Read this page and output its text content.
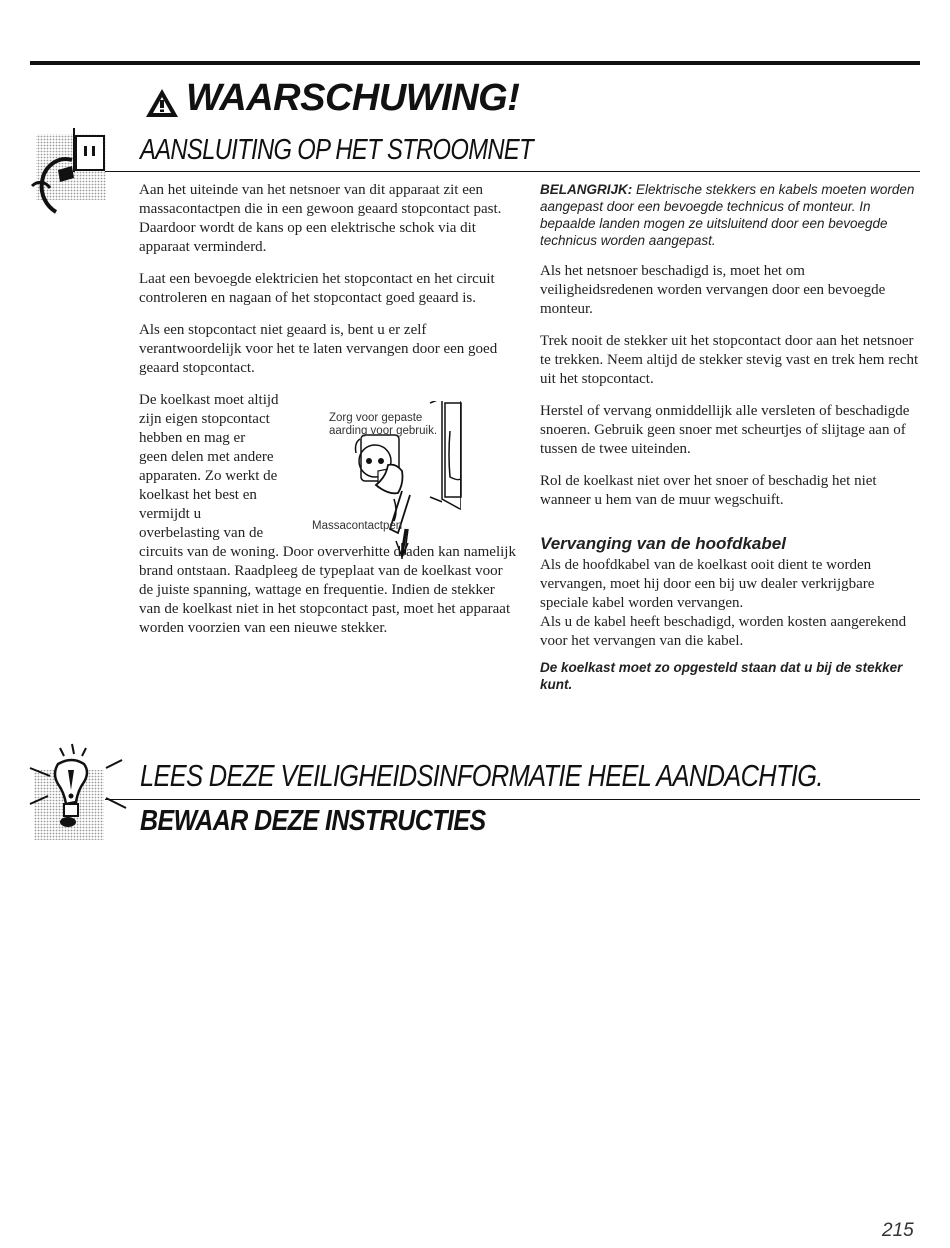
WAARSCHUWING!
AANSLUITING OP HET STROOMNET

Aan het uiteinde van het netsnoer van dit apparaat zit een massacontactpen die in een gewoon geaard stopcontact past. Daardoor wordt de kans op een elektrische schok via dit apparaat verminderd.

Laat een bevoegde elektricien het stopcontact en het circuit controleren en nagaan of het stopcontact goed geaard is.

Als een stopcontact niet geaard is, bent u er zelf verantwoordelijk voor het te laten vervangen door een goed geaard stopcontact.

De koelkast moet altijd
zijn eigen stopcontact
hebben en mag er
geen delen met andere
apparaten. Zo werkt de
koelkast het best en
vermijdt u
overbelasting van de
circuits van de woning. Door oververhitte draden kan namelijk brand ontstaan. Raadpleeg de typeplaat van de koelkast voor de juiste spanning, wattage en frequentie. Indien de stekker van de koelkast niet in het stopcontact past, moet het apparaat worden voorzien van een nieuwe stekker.
Zorg voor gepaste
aarding voor gebruik.
Massacontactpen

BELANGRIJK: Elektrische stekkers en kabels moeten worden aangepast door een bevoegde technicus of monteur. In bepaalde landen mogen ze uitsluitend door een bevoegde technicus worden aangepast.

Als het netsnoer beschadigd is, moet het om veiligheidsredenen worden vervangen door een bevoegde monteur.

Trek nooit de stekker uit het stopcontact door aan het netsnoer te trekken. Neem altijd de stekker stevig vast en trek hem recht uit het stopcontact.

Herstel of vervang onmiddellijk alle versleten of beschadigde snoeren. Gebruik geen snoer met scheurtjes of slijtage aan of tussen de twee uiteinden.

Rol de koelkast niet over het snoer of beschadig het niet wanneer u hem van de muur wegschuift.

Vervanging van de hoofdkabel
Als de hoofdkabel van de koelkast ooit dient te worden vervangen, moet hij door een bij uw dealer verkrijgbare speciale kabel worden vervangen.

Als u de kabel heeft beschadigd, worden kosten aangerekend voor het vervangen van die kabel.

De koelkast moet zo opgesteld staan dat u bij de stekker kunt.
LEES DEZE VEILIGHEIDSINFORMATIE HEEL AANDACHTIG.
BEWAAR DEZE INSTRUCTIES
215
